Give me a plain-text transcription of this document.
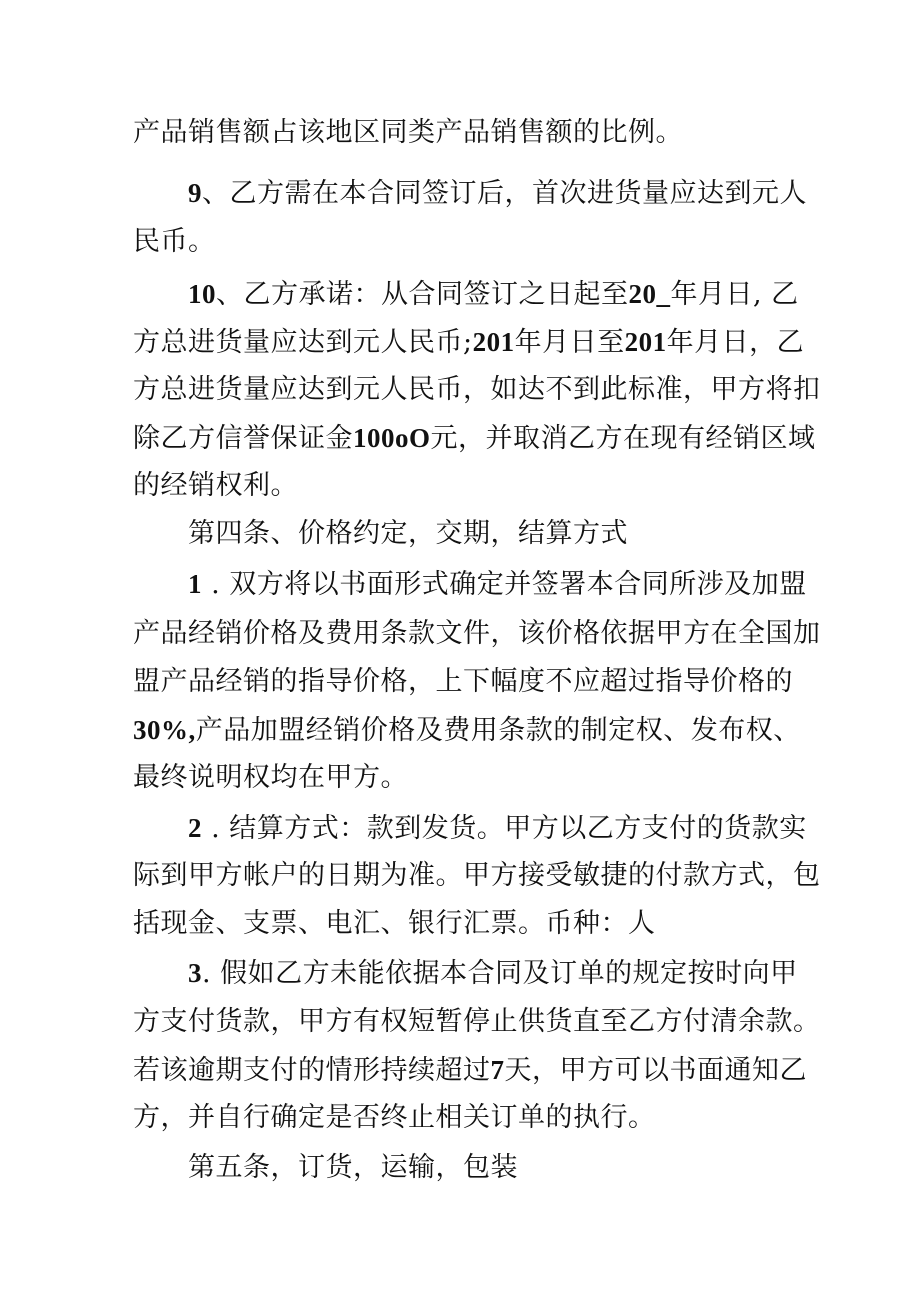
产品销售额占该地区同类产品销售额的比例。
9、乙方需在本合同签订后，首次进货量应达到元人
民币。
10、乙方承诺：从合同签订之日起至20_年月日, 乙
方总进货量应达到元人民币;201年月日至201年月日，乙
方总进货量应达到元人民币，如达不到此标准，甲方将扣
除乙方信誉保证金100oO元，并取消乙方在现有经销区域
的经销权利。
第四条、价格约定，交期，结算方式
1 . 双方将以书面形式确定并签署本合同所涉及加盟
产品经销价格及费用条款文件，该价格依据甲方在全国加
盟产品经销的指导价格，上下幅度不应超过指导价格的
30%,产品加盟经销价格及费用条款的制定权、发布权、
最终说明权均在甲方。
2 . 结算方式：款到发货。甲方以乙方支付的货款实
际到甲方帐户的日期为准。甲方接受敏捷的付款方式，包
括现金、支票、电汇、银行汇票。币种：人
3. 假如乙方未能依据本合同及订单的规定按时向甲
方支付货款，甲方有权短暂停止供货直至乙方付清余款。
若该逾期支付的情形持续超过7天，甲方可以书面通知乙
方，并自行确定是否终止相关订单的执行。
第五条，订货，运输，包装
